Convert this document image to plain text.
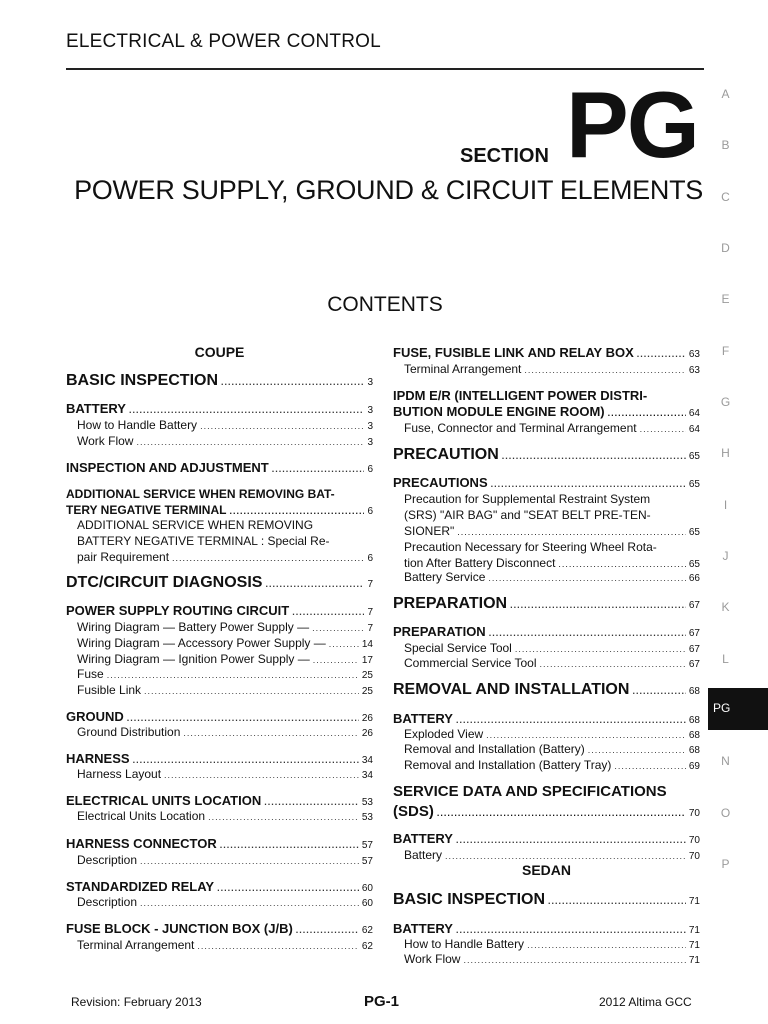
ELECTRICAL & POWER CONTROL
SECTION PG
POWER SUPPLY, GROUND & CIRCUIT ELEMENTS
CONTENTS
A
B
C
D
E
F
G
H
I
J
K
L
PG
N
O
P
COUPE
BASIC INSPECTION .....	3
BATTERY .....	3
How to Handle Battery .....	3
Work Flow .....	3
INSPECTION AND ADJUSTMENT .....	6
ADDITIONAL SERVICE WHEN REMOVING BAT-
TERY NEGATIVE TERMINAL .....	6
ADDITIONAL SERVICE WHEN REMOVING
BATTERY NEGATIVE TERMINAL : Special Re-
pair Requirement .....	6
DTC/CIRCUIT DIAGNOSIS .....	7
POWER SUPPLY ROUTING CIRCUIT .....	7
Wiring Diagram — Battery Power Supply — .....	7
Wiring Diagram — Accessory Power Supply — .....	14
Wiring Diagram — Ignition Power Supply — .....	17
Fuse .....	25
Fusible Link .....	25
GROUND .....	26
Ground Distribution .....	26
HARNESS .....	34
Harness Layout .....	34
ELECTRICAL UNITS LOCATION .....	53
Electrical Units Location .....	53
HARNESS CONNECTOR .....	57
Description .....	57
STANDARDIZED RELAY .....	60
Description .....	60
FUSE BLOCK - JUNCTION BOX (J/B) .....	62
Terminal Arrangement .....	62
FUSE, FUSIBLE LINK AND RELAY BOX .....	63
Terminal Arrangement .....	63
IPDM E/R (INTELLIGENT POWER DISTRI-
BUTION MODULE ENGINE ROOM) .....	64
Fuse, Connector and Terminal Arrangement .....	64
PRECAUTION .....	65
PRECAUTIONS .....	65
Precaution for Supplemental Restraint System
(SRS) "AIR BAG" and "SEAT BELT PRE-TEN-
SIONER" .....	65
Precaution Necessary for Steering Wheel Rota-
tion After Battery Disconnect .....	65
Battery Service .....	66
PREPARATION .....	67
PREPARATION .....	67
Special Service Tool .....	67
Commercial Service Tool .....	67
REMOVAL AND INSTALLATION .....	68
BATTERY .....	68
Exploded View .....	68
Removal and Installation (Battery) .....	68
Removal and Installation (Battery Tray) .....	69
SERVICE DATA AND SPECIFICATIONS
(SDS) .....	70
BATTERY .....	70
Battery .....	70
SEDAN
BASIC INSPECTION .....	71
BATTERY .....	71
How to Handle Battery .....	71
Work Flow .....	71
Revision: February 2013	PG-1	2012 Altima GCC
